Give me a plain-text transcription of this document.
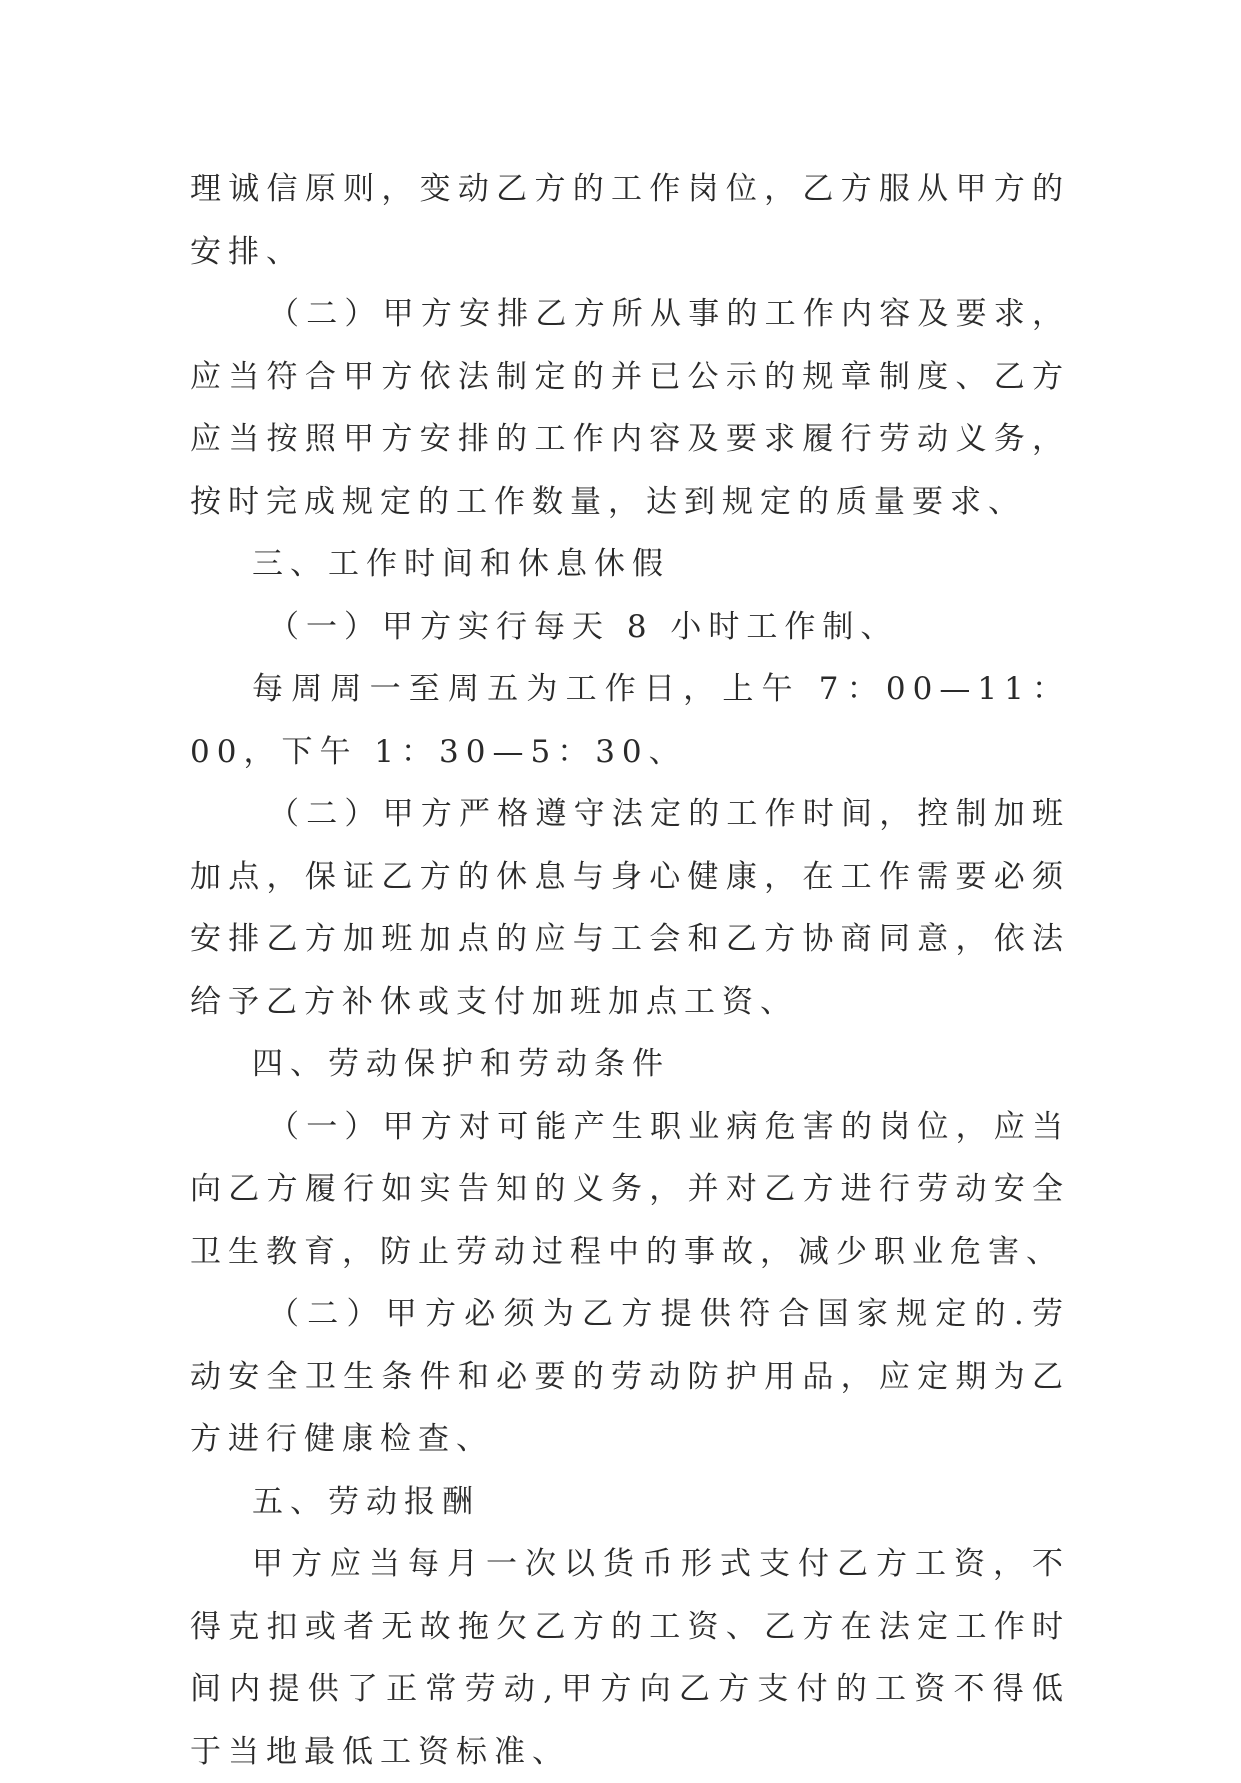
理诚信原则，变动乙方的工作岗位，乙方服从甲方的安排、

（二）甲方安排乙方所从事的工作内容及要求，应当符合甲方依法制定的并已公示的规章制度、乙方应当按照甲方安排的工作内容及要求履行劳动义务，按时完成规定的工作数量，达到规定的质量要求、

三、工作时间和休息休假

（一）甲方实行每天 8 小时工作制、

每周周一至周五为工作日，上午 7：00—11：00，下午 1：30—5：30、

（二）甲方严格遵守法定的工作时间，控制加班加点，保证乙方的休息与身心健康，在工作需要必须安排乙方加班加点的应与工会和乙方协商同意，依法给予乙方补休或支付加班加点工资、

四、劳动保护和劳动条件

（一）甲方对可能产生职业病危害的岗位，应当向乙方履行如实告知的义务，并对乙方进行劳动安全卫生教育，防止劳动过程中的事故，减少职业危害、

（二）甲方必须为乙方提供符合国家规定的.劳动安全卫生条件和必要的劳动防护用品，应定期为乙方进行健康检查、

五、劳动报酬

甲方应当每月一次以货币形式支付乙方工资，不得克扣或者无故拖欠乙方的工资、乙方在法定工作时间内提供了正常劳动,甲方向乙方支付的工资不得低于当地最低工资标准、
